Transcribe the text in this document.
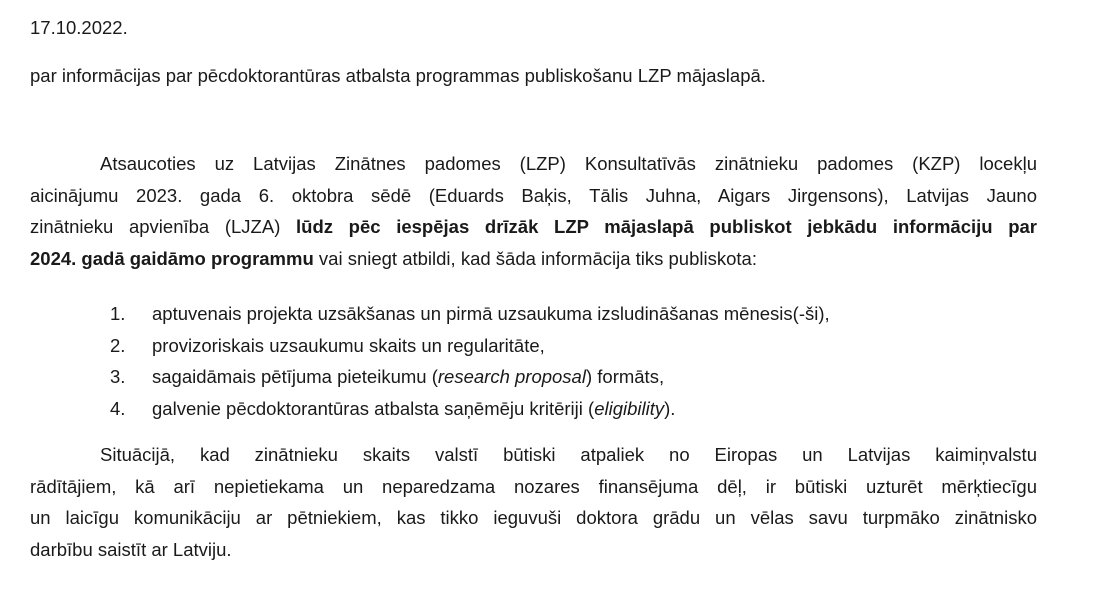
17.10.2022.
par informācijas par pēcdoktorantūras atbalsta programmas publiskošanu LZP mājaslapā.
Atsaucoties uz Latvijas Zinātnes padomes (LZP) Konsultatīvās zinātnieku padomes (KZP) locekļu
aicinājumu 2023. gada 6. oktobra sēdē (Eduards Baķis, Tālis Juhna, Aigars Jirgensons), Latvijas Jauno
zinātnieku apvienība (LJZA) lūdz pēc iespējas drīzāk LZP mājaslapā publiskot jebkādu informāciju par
2024. gadā gaidāmo programmu vai sniegt atbildi, kad šāda informācija tiks publiskota:
1.	aptuvenais projekta uzsākšanas un pirmā uzsaukuma izsludināšanas mēnesis(-ši),
2.	provizoriskais uzsaukumu skaits un regularitāte,
3.	sagaidāmais pētījuma pieteikumu (research proposal) formāts,
4.	galvenie pēcdoktorantūras atbalsta saņēmēju kritēriji (eligibility).
Situācijā, kad zinātnieku skaits valstī būtiski atpaliek no Eiropas un Latvijas kaimiņvalstu
rādītājiem, kā arī nepietiekama un neparedzama nozares finansējuma dēļ, ir būtiski uzturēt mērķtiecīgu
un laicīgu komunikāciju ar pētniekiem, kas tikko ieguvuši doktora grādu un vēlas savu turpmāko zinātnisko
darbību saistīt ar Latviju.
